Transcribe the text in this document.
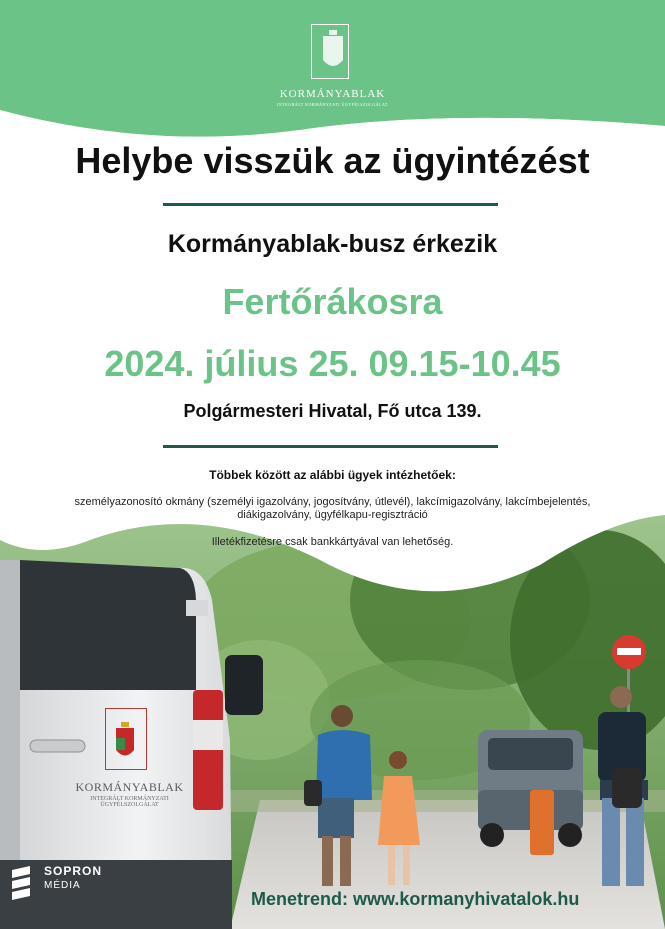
KORMÁNYABLAK
INTEGRÁLT KORMÁNYZATI ÜGYFÉLSZOLGÁLAT
Helybe visszük az ügyintézést
Kormányablak-busz érkezik
Fertőrákosra
2024. július 25. 09.15-10.45
Polgármesteri Hivatal, Fő utca 139.
Többek között az alábbi ügyek intézhetőek:
személyazonosító okmány (személyi igazolvány, jogosítvány, útlevél), lakcímigazolvány, lakcímbejelentés, diákigazolvány, ügyfélkapu-regisztráció
Illetékfizetésre csak bankkártyával van lehetőség.
KORMÁNYABLAK
INTEGRÁLT KORMÁNYZATI ÜGYFÉLSZOLGÁLAT
SOPRON
MÉDIA
Menetrend: www.kormanyhivatalok.hu
